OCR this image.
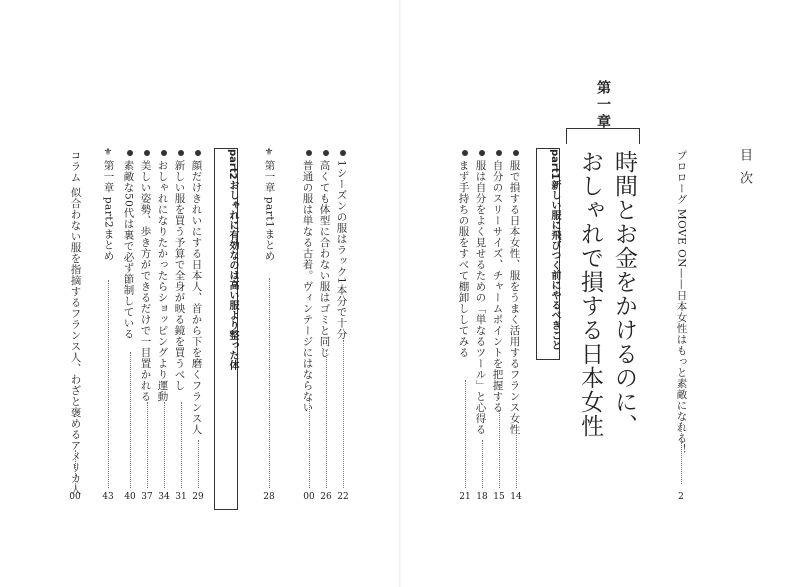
目次
プロローグ MOVE ON——日本女性はもっと素敵になれる！
2
第一章
時間とお金をかけるのに、
おしゃれで損する日本女性
part1
新しい服に飛びつく前にやるべきこと
服で損する日本女性、服をうまく活用するフランス女性
14
自分のスリーサイズ、チャームポイントを把握する
15
服は自分をよく見せるための「単なるツール」と心得る
18
まず手持ちの服をすべて棚卸ししてみる
21
1シーズンの服はラック1本分で十分
22
高くても体型に合わない服はゴミと同じ
26
普通の服は単なる古着。ヴィンテージにはならない
00
⚜
第一章 part1まとめ
28
part2
おしゃれに有効なのは高い服より整った体
顔だけきれいにする日本人、首から下を磨くフランス人
29
新しい服を買う予算で全身が映る鏡を買うべし
31
おしゃれになりたかったらショッピングより運動
34
美しい姿勢、歩き方ができるだけで一目置かれる
37
素敵な50代は裏で必ず節制している
40
⚜
第一章 part2まとめ
43
コラム 似合わない服を指摘するフランス人、わざと褒めるアメリカ人
00
